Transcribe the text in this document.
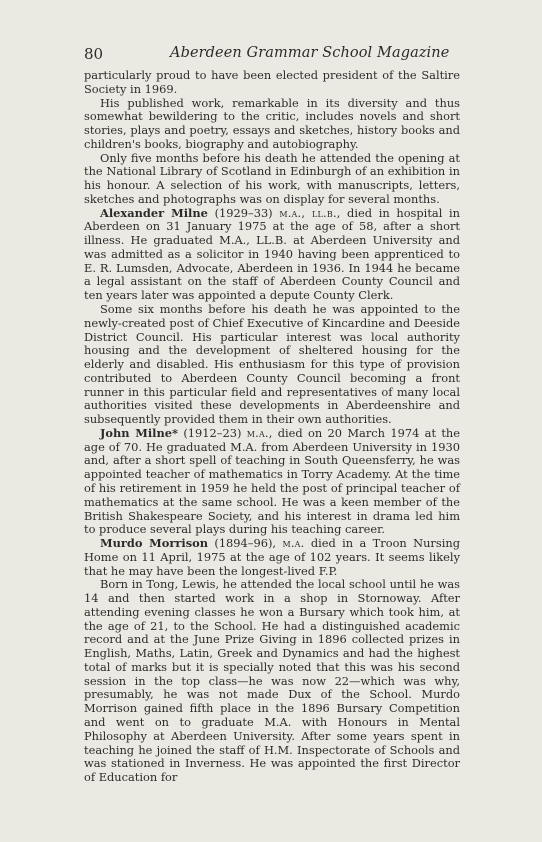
80	Aberdeen Grammar School Magazine

particularly proud to have been elected president of the Saltire Society in 1969.

His published work, remarkable in its diversity and thus somewhat bewildering to the critic, includes novels and short stories, plays and poetry, essays and sketches, history books and children's books, biography and autobiography.

Only five months before his death he attended the opening at the National Library of Scotland in Edinburgh of an exhibition in his honour. A selection of his work, with manuscripts, letters, sketches and photographs was on display for several months.

Alexander Milne (1929–33) m.a., ll.b., died in hospital in Aberdeen on 31 January 1975 at the age of 58, after a short illness. He graduated M.A., LL.B. at Aberdeen University and was admitted as a solicitor in 1940 having been apprenticed to E. R. Lumsden, Advocate, Aberdeen in 1936. In 1944 he became a legal assistant on the staff of Aberdeen County Council and ten years later was appointed a depute County Clerk.

Some six months before his death he was appointed to the newly-created post of Chief Executive of Kincardine and Deeside District Council. His particular interest was local authority housing and the development of sheltered housing for the elderly and disabled. His enthusiasm for this type of provision contributed to Aberdeen County Council becoming a front runner in this particular field and representatives of many local authorities visited these developments in Aberdeenshire and subsequently provided them in their own authorities.

John Milne* (1912–23) m.a., died on 20 March 1974 at the age of 70. He graduated M.A. from Aberdeen University in 1930 and, after a short spell of teaching in South Queensferry, he was appointed teacher of mathematics in Torry Academy. At the time of his retirement in 1959 he held the post of principal teacher of mathematics at the same school. He was a keen member of the British Shakespeare Society, and his interest in drama led him to produce several plays during his teaching career.

Murdo Morrison (1894–96), m.a. died in a Troon Nursing Home on 11 April, 1975 at the age of 102 years. It seems likely that he may have been the longest-lived F.P.

Born in Tong, Lewis, he attended the local school until he was 14 and then started work in a shop in Stornoway. After attending evening classes he won a Bursary which took him, at the age of 21, to the School. He had a distinguished academic record and at the June Prize Giving in 1896 collected prizes in English, Maths, Latin, Greek and Dynamics and had the highest total of marks but it is specially noted that this was his second session in the top class—he was now 22—which was why, presumably, he was not made Dux of the School. Murdo Morrison gained fifth place in the 1896 Bursary Competition and went on to graduate M.A. with Honours in Mental Philosophy at Aberdeen University. After some years spent in teaching he joined the staff of H.M. Inspectorate of Schools and was stationed in Inverness. He was appointed the first Director of Education for
